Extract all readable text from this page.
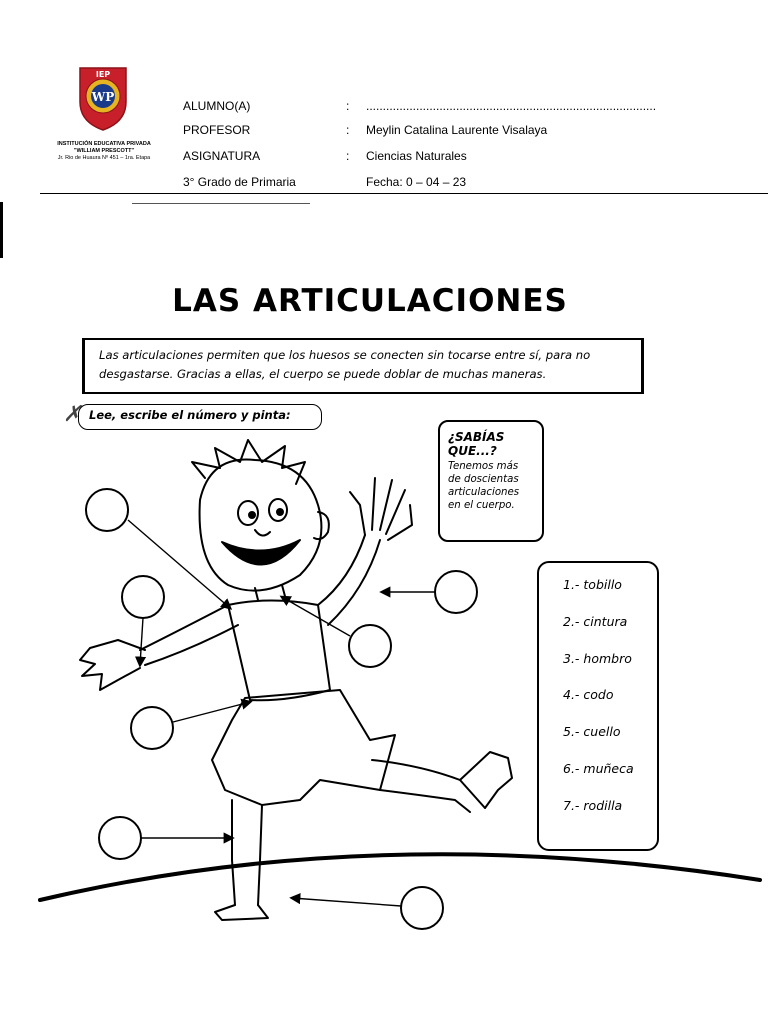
WP
IEP
INSTITUCIÓN EDUCATIVA PRIVADA
"WILLIAM PRESCOTT"
Jr. Rio de Huaura Nº 451 – 1ra. Etapa
ALUMNO(A)	: .......................................................................................
PROFESOR	: Meylin Catalina Laurente Visalaya
ASIGNATURA	: Ciencias Naturales
3° Grado de Primaria	Fecha: 0 – 04 – 23
LAS ARTICULACIONES
Las articulaciones permiten que los huesos se conecten sin tocarse entre sí, para no desgastarse. Gracias a ellas, el cuerpo se puede doblar de muchas maneras.
✗ Lee, escribe el número y pinta:
¿SABÍAS QUE...?
Tenemos más de doscientas articulaciones en el cuerpo.
1.- tobillo
2.- cintura
3.- hombro
4.- codo
5.- cuello
6.- muñeca
7.- rodilla
